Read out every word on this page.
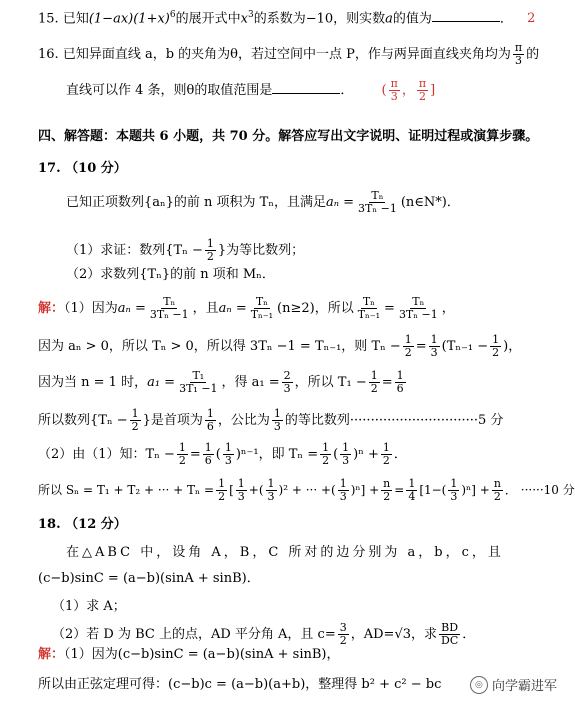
15. 已知$(1-ax)(1+x)^6$的展开式中$x^3$的系数为−10，则实数a的值为	． 2
16. 已知异面直线 a，b 的夹角为θ，若过空间中一点 P，作与两异面直线夹角均为 $\frac{\pi}{3}$ 的
直线可以作 4 条，则θ的取值范围是	． ( $\frac{\pi}{3}$ ， $\frac{\pi}{2}$ ]
四、解答题：本题共 6 小题，共 70 分。解答应写出文字说明、证明过程或演算步骤。
17. （10 分）
已知正项数列{aₙ}的前 n 项积为 Tₙ，且满足$a_n = \frac{\text{Tₙ}}{\text{3Tₙ −1}}$ (n∈N*)．
（1）求证：数列{$T_n - \frac{1}{2}$ }为等比数列；
（2）求数列{Tₙ}的前 n 项和 Mₙ．
解：（1）因为$a_n = \frac{\text{Tₙ}}{\text{3Tₙ −1}}$ ，且$a_n = \frac{\text{Tₙ}}{\text{Tₙ₋₁}} (n\ge 2)$，所以 $\frac{\text{Tₙ}}{\text{Tₙ₋₁}} = \frac{\text{Tₙ}}{\text{3Tₙ −1}}$ ，
因为 aₙ > 0，所以 Tₙ > 0，所以得 3Tₙ −1 = Tₙ₋₁，则 $T_n - \frac{1}{2} = \frac{1}{3} (T_{n-1} - \frac{1}{2}$ )，
因为当 n = 1 时，$a_1 = \frac{\text{T₁}}{\text{3T₁ −1}}$ ，得 $a_1 = \frac{2}{3}$ ，所以 $T_1 - \frac{1}{2} = \frac{1}{6}$
所以数列{$T_n - \frac{1}{2}$ }是首项为 $\frac{1}{6}$ ，公比为 $\frac{1}{3}$ 的等比数列·······························5 分
（2）由（1）知：$T_n - \frac{1}{2} = \frac{1}{6}$ ( $\frac{1}{3} )^{n-1}$，即 $T_n = \frac{1}{2}$ ( $\frac{1}{3} )^n + \frac{1}{2}$ ．
所以 Sₙ = T₁ + T₂ + ··· + $T_n = \frac{1}{2}$ [ $\frac{1}{3}$ +( $\frac{1}{3} )^2$ + ··· +( $\frac{1}{3} )^n] + \frac{n}{2} = \frac{1}{4} [1-( \frac{1}{3} )^n] + \frac{n}{2}$ ． ······10 分
18. （12 分）
在△ABC 中，设角 A，B，C 所对的边分别为 a，b，c，且
(c−b)sinC = (a−b)(sinA + sinB)．
（1）求 A；
（2）若 D 为 BC 上的点，AD 平分角 A，且 $c= \frac{3}{2}$ ，AD=√3，求 $\frac{BD}{DC}$ ．
解：（1）因为(c−b)sinC = (a−b)(sinA + sinB)，
所以由正弦定理可得：(c−b)c = (a−b)(a+b)，整理得 b² + c² − bc	◎ 向学霸进军
